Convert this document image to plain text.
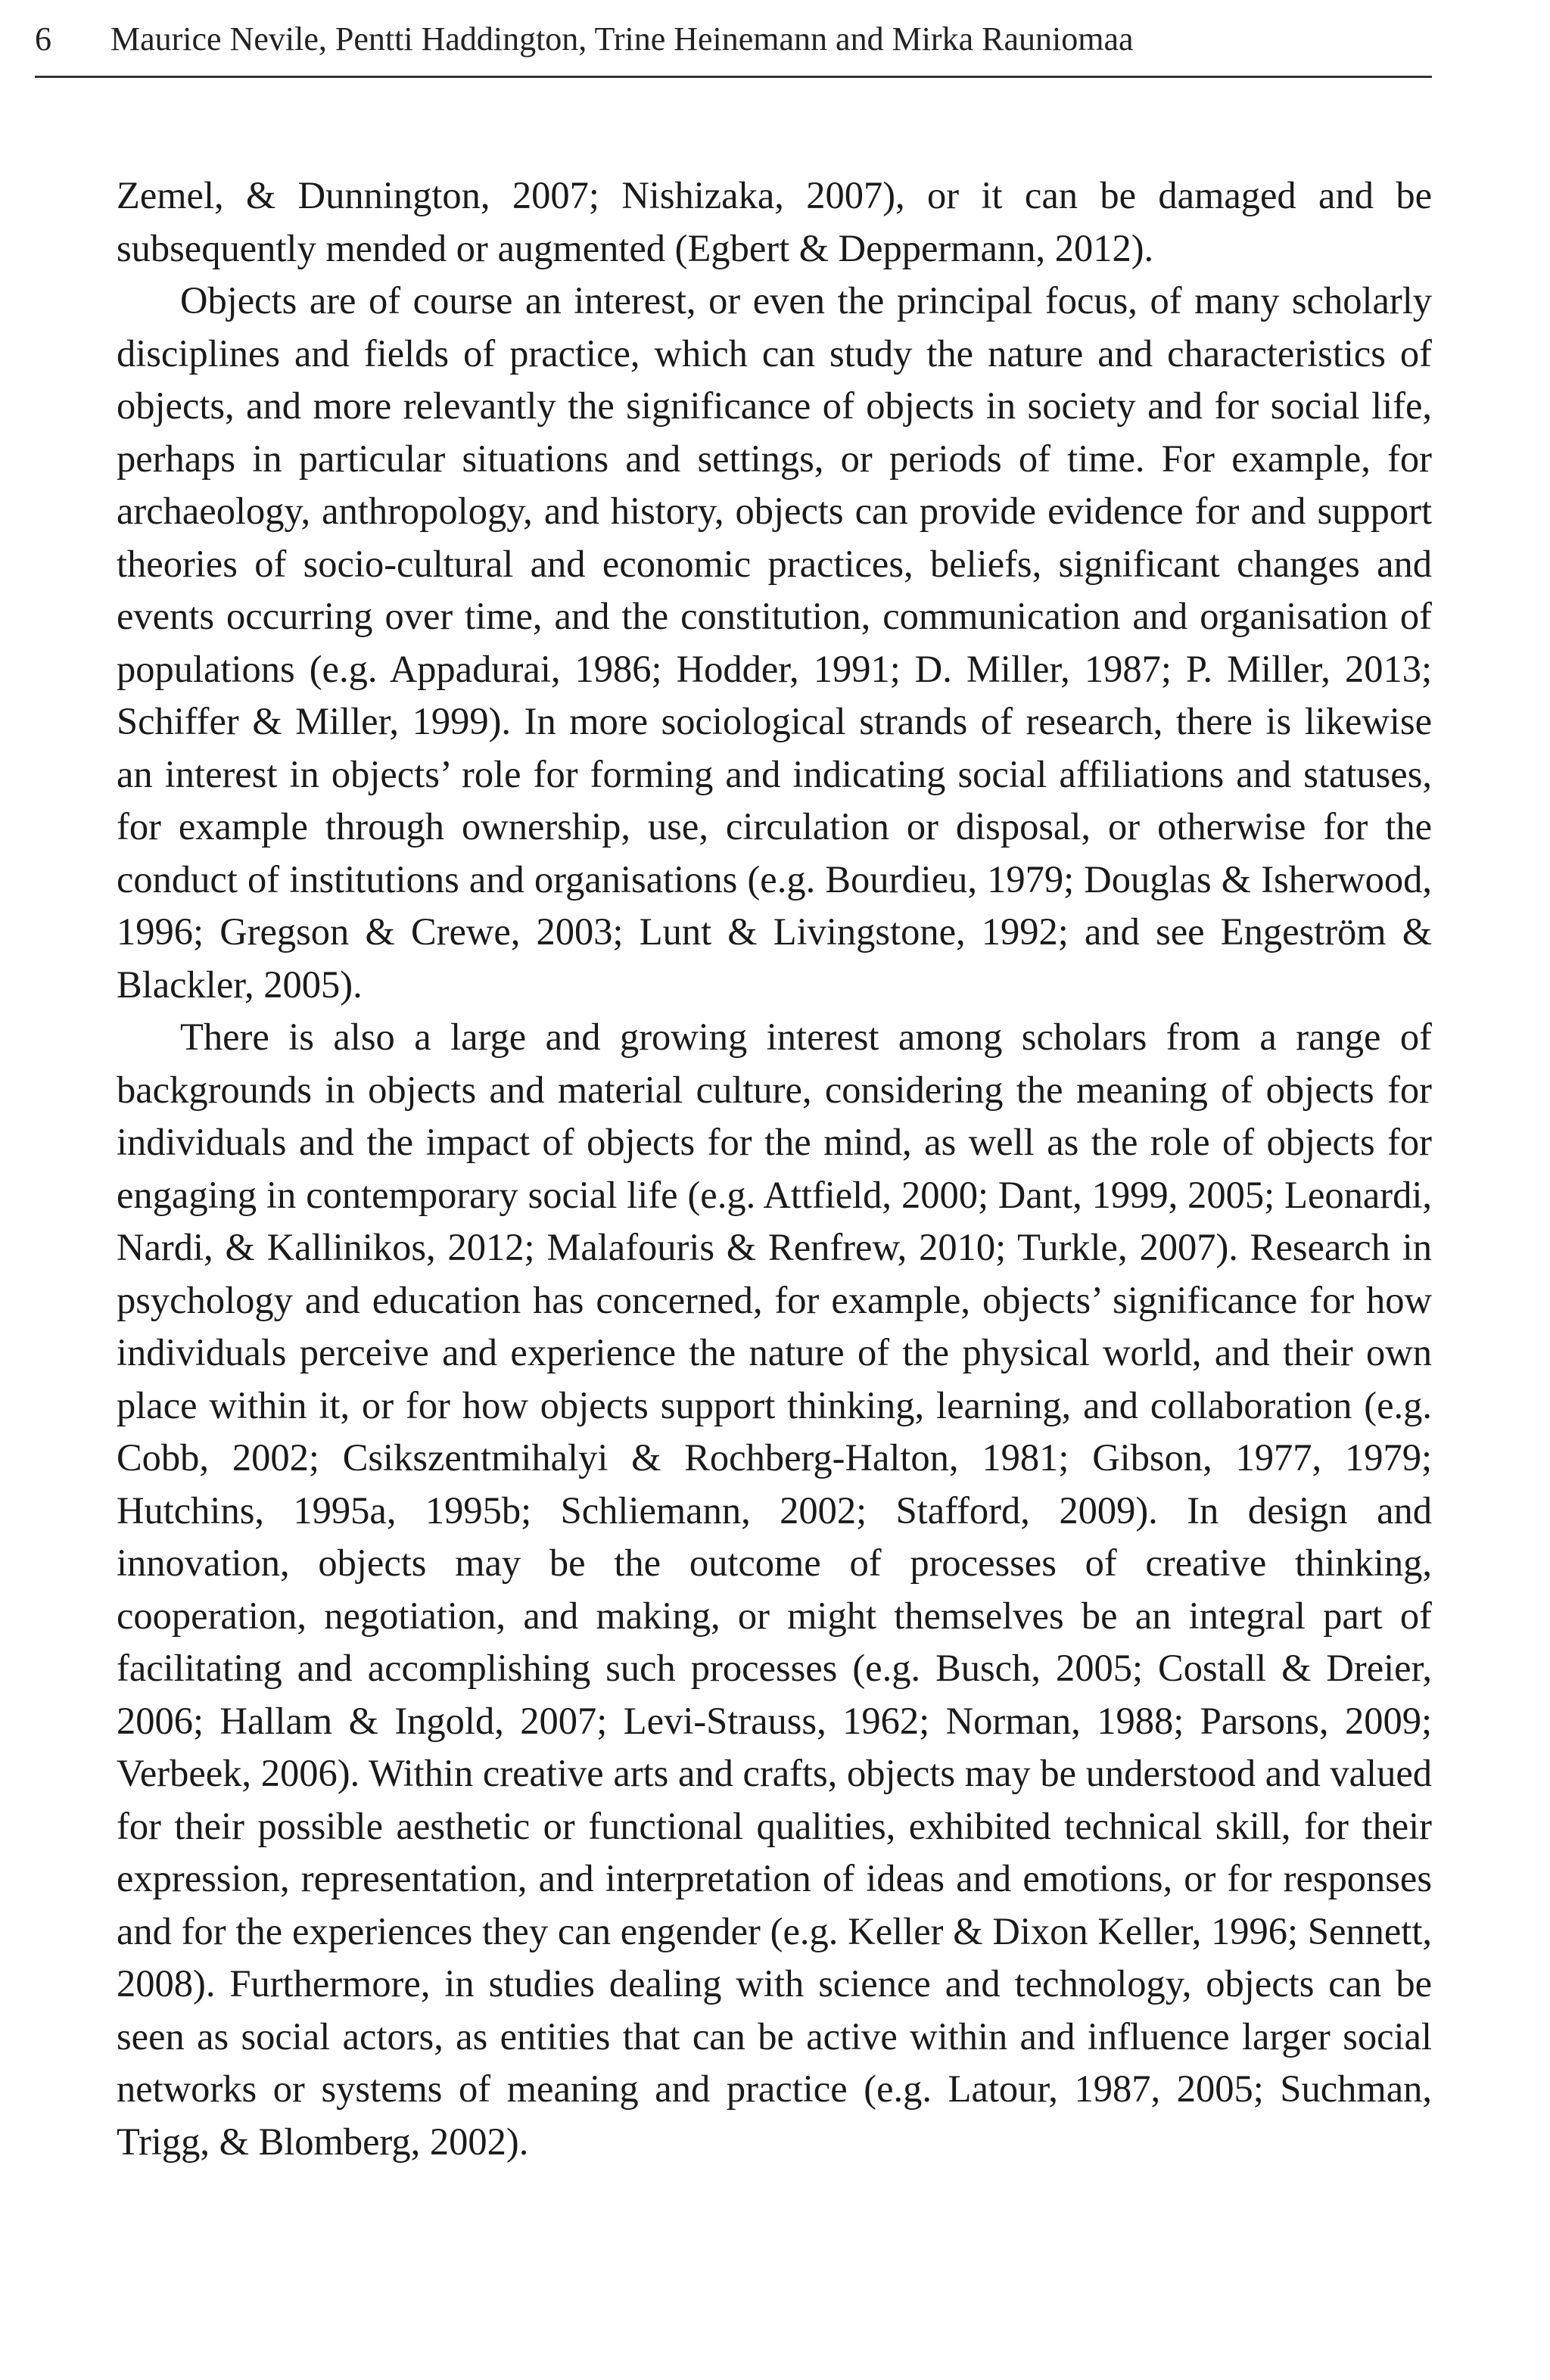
6	Maurice Nevile, Pentti Haddington, Trine Heinemann and Mirka Rauniomaa

Zemel, & Dunnington, 2007; Nishizaka, 2007), or it can be damaged and be subsequently mended or augmented (Egbert & Deppermann, 2012).

Objects are of course an interest, or even the principal focus, of many scholarly disciplines and fields of practice, which can study the nature and characteristics of objects, and more relevantly the significance of objects in society and for social life, perhaps in particular situations and settings, or periods of time. For example, for archaeology, anthropology, and history, objects can provide evidence for and support theories of socio-cultural and economic practices, beliefs, significant changes and events occurring over time, and the constitution, communication and organisation of populations (e.g. Appadurai, 1986; Hodder, 1991; D. Miller, 1987; P. Miller, 2013; Schiffer & Miller, 1999). In more sociological strands of research, there is likewise an interest in objects’ role for forming and indicating social affiliations and statuses, for example through ownership, use, circulation or disposal, or otherwise for the conduct of institutions and organisations (e.g. Bourdieu, 1979; Douglas & Isherwood, 1996; Gregson & Crewe, 2003; Lunt & Livingstone, 1992; and see Engeström & Blackler, 2005).

There is also a large and growing interest among scholars from a range of backgrounds in objects and material culture, considering the meaning of objects for individuals and the impact of objects for the mind, as well as the role of objects for engaging in contemporary social life (e.g. Attfield, 2000; Dant, 1999, 2005; Leonardi, Nardi, & Kallinikos, 2012; Malafouris & Renfrew, 2010; Turkle, 2007). Research in psychology and education has concerned, for example, objects’ significance for how individuals perceive and experience the nature of the physical world, and their own place within it, or for how objects support thinking, learning, and collaboration (e.g. Cobb, 2002; Csikszentmihalyi & Rochberg-Halton, 1981; Gibson, 1977, 1979; Hutchins, 1995a, 1995b; Schliemann, 2002; Stafford, 2009). In design and innovation, objects may be the outcome of processes of creative thinking, cooperation, negotiation, and making, or might themselves be an integral part of facilitating and accomplishing such processes (e.g. Busch, 2005; Costall & Dreier, 2006; Hallam & Ingold, 2007; Levi-Strauss, 1962; Norman, 1988; Parsons, 2009; Verbeek, 2006). Within creative arts and crafts, objects may be understood and valued for their possible aesthetic or functional qualities, exhibited technical skill, for their expression, representation, and interpretation of ideas and emotions, or for responses and for the experiences they can engender (e.g. Keller & Dixon Keller, 1996; Sennett, 2008). Furthermore, in studies dealing with science and technology, objects can be seen as social actors, as entities that can be active within and influence larger social networks or systems of meaning and practice (e.g. Latour, 1987, 2005; Suchman, Trigg, & Blomberg, 2002).
